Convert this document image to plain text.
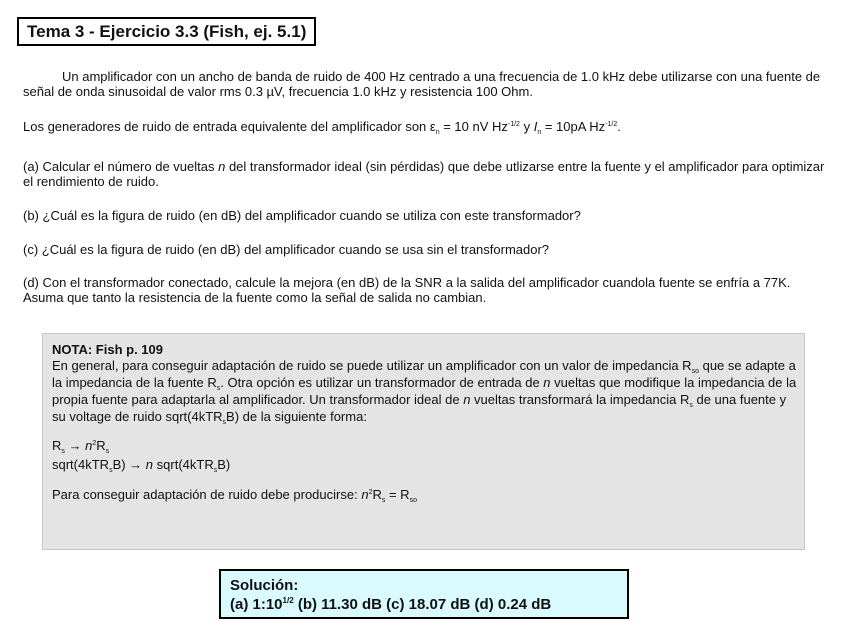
Tema 3 - Ejercicio 3.3 (Fish, ej. 5.1)
Un amplificador con un ancho de banda de ruido de 400 Hz centrado a una frecuencia de 1.0 kHz debe utilizarse con una fuente de señal de onda sinusoidal de valor rms 0.3 µV, frecuencia 1.0 kHz y resistencia 100 Ohm.
Los generadores de ruido de entrada equivalente del amplificador son $\varepsilon_n = 10$ nV $Hz^{-1/2}$ y $I_n = 10pA$ $Hz^{-1/2}$.
(a) Calcular el número de vueltas n del transformador ideal (sin pérdidas) que debe utlizarse entre la fuente y el amplificador para optimizar el rendimiento de ruido.
(b) ¿Cuál es la figura de ruido (en dB) del amplificador cuando se utiliza con este transformador?
(c) ¿Cuál es la figura de ruido (en dB) del amplificador cuando se usa sin el transformador?
(d) Con el transformador conectado, calcule la mejora (en dB) de la SNR a la salida del amplificador cuandola fuente se enfría a 77K. Asuma que tanto la resistencia de la fuente como la señal de salida no cambian.
NOTA: Fish p. 109
En general, para conseguir adaptación de ruido se puede utilizar un amplificador con un valor de impedancia $R_{so}$ que se adapte a la impedancia de la fuente $R_s$. Otra opción es utilizar un transformador de entrada de n vueltas que modifique la impedancia de la propia fuente para adaptarla al amplificador. Un transformador ideal de n vueltas transformará la impedancia $R_s$ de una fuente y su voltage de ruido sqrt(4kTR$_s$B) de la siguiente forma:
$R_s \to n^2R_s$
sqrt(4kTR$_s$B) → n sqrt(4kTR$_s$B)
Para conseguir adaptación de ruido debe producirse: $n^2R_s = R_{so}$
Solución:
(a) $1:10^{1/2}$ (b) 11.30 dB (c) 18.07 dB (d) 0.24 dB
